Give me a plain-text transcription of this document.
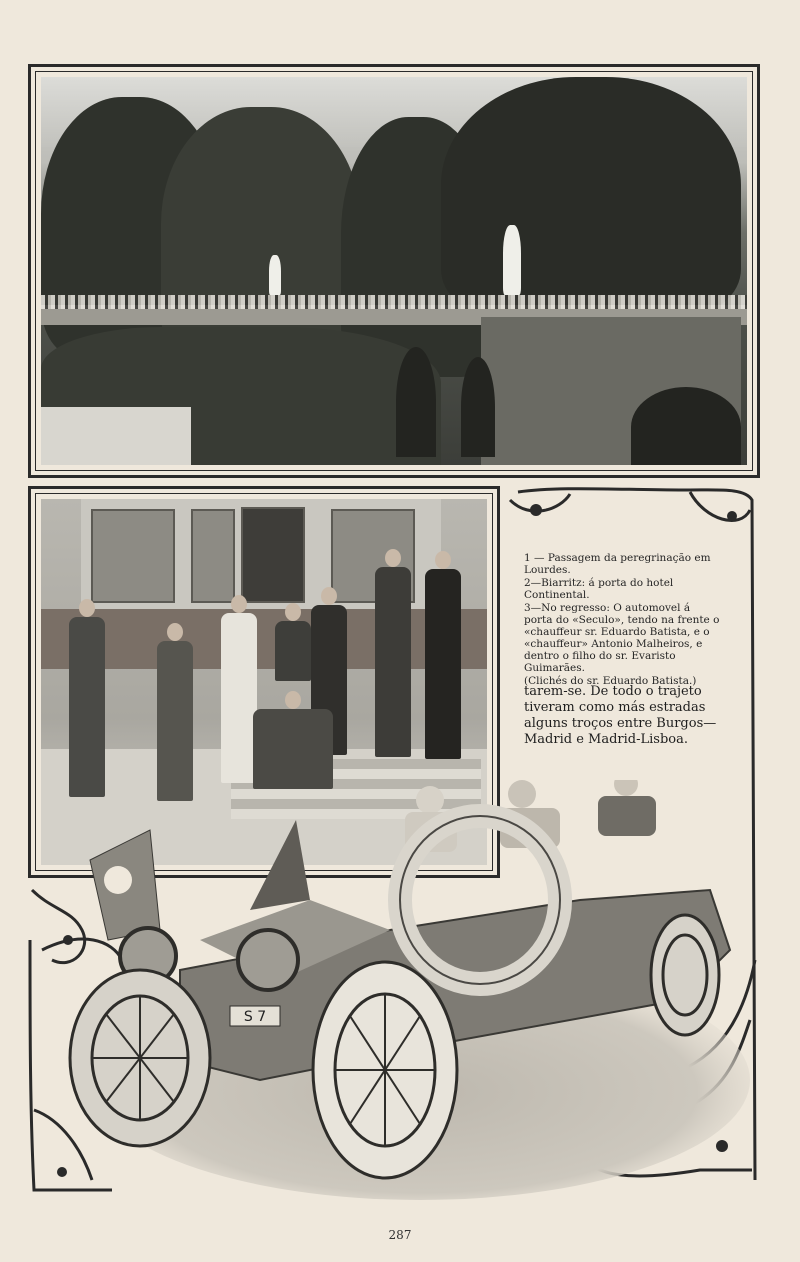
1 — Passagem da peregrinação em Lourdes.
2—Biarritz: á porta do hotel Continental.
3—No regresso: O automovel á porta do «Seculo», tendo na frente o «chauffeur sr. Eduardo Batista, e o «chauffeur» Antonio Malheiros, e dentro o filho do sr. Evaristo Guimarães.
(Clichés do sr. Eduardo Batista.)
tarem-se. De todo o trajeto tiveram como más estradas alguns troços entre Burgos—Madrid e Madrid-Lisboa.
S 7
287
